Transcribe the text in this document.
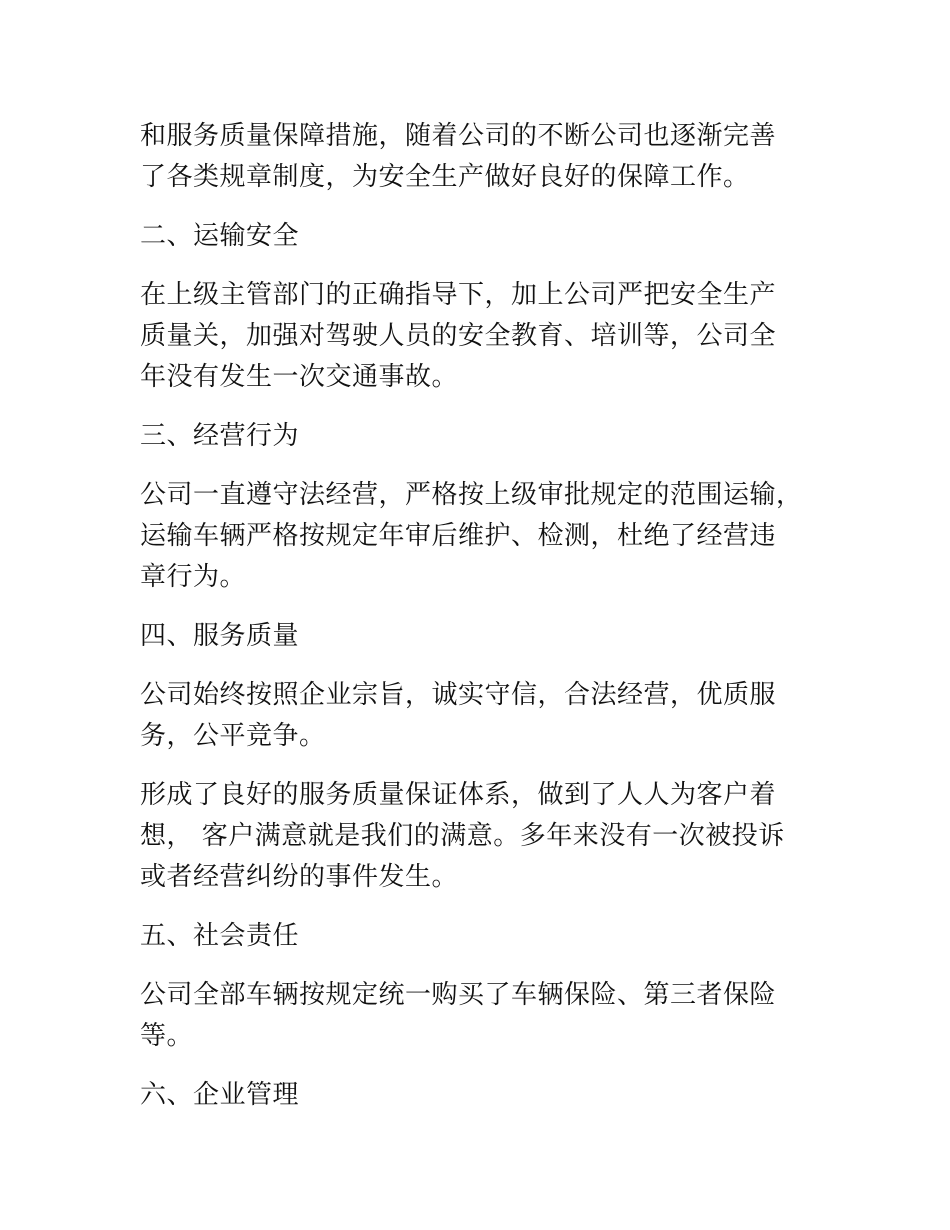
和服务质量保障措施，随着公司的不断公司也逐渐完善
了各类规章制度，为安全生产做好良好的保障工作。

二、运输安全

在上级主管部门的正确指导下，加上公司严把安全生产
质量关，加强对驾驶人员的安全教育、培训等，公司全
年没有发生一次交通事故。

三、经营行为

公司一直遵守法经营，严格按上级审批规定的范围运输，
运输车辆严格按规定年审后维护、检测，杜绝了经营违
章行为。

四、服务质量

公司始终按照企业宗旨，诚实守信，合法经营，优质服
务，公平竞争。

形成了良好的服务质量保证体系，做到了人人为客户着
想， 客户满意就是我们的满意。多年来没有一次被投诉
或者经营纠纷的事件发生。

五、社会责任

公司全部车辆按规定统一购买了车辆保险、第三者保险
等。

六、企业管理
